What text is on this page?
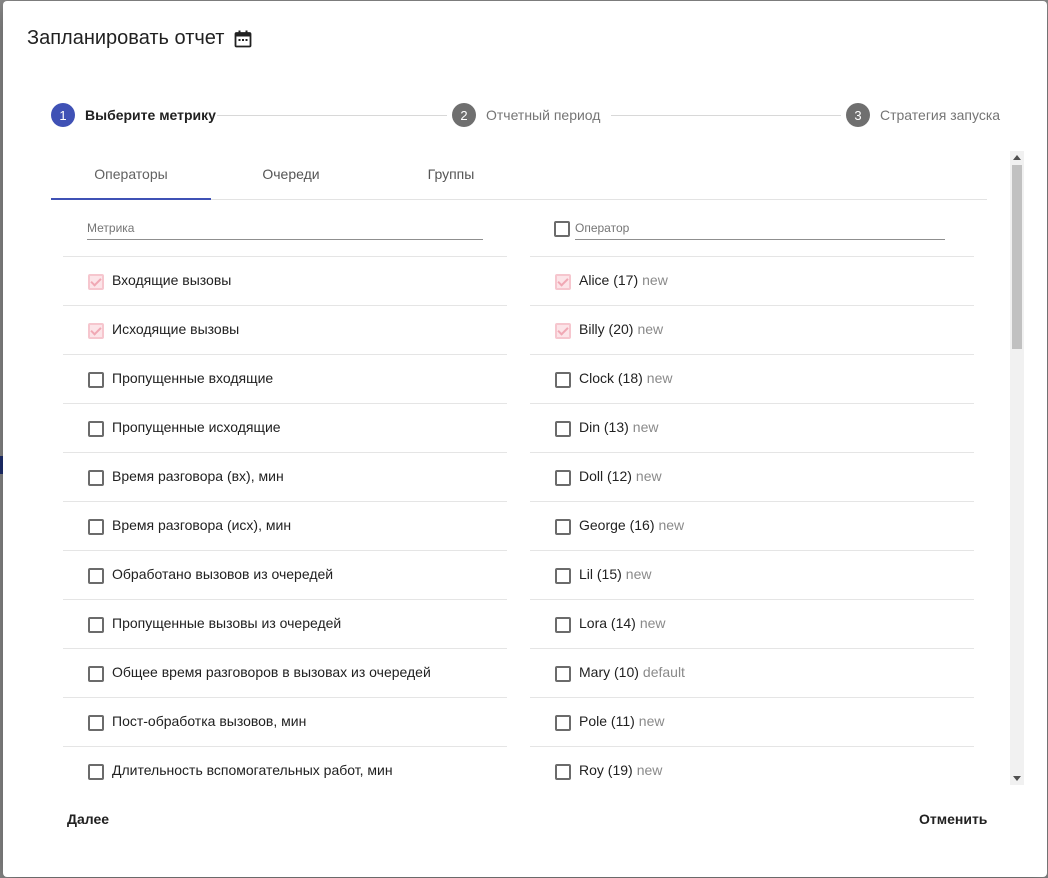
Запланировать отчет
1	Выберите метрику	2	Отчетный период	3	Стратегия запуска
Операторы	Очереди	Группы
Метрика
Входящие вызовы
Исходящие вызовы
Пропущенные входящие
Пропущенные исходящие
Время разговора (вх), мин
Время разговора (исх), мин
Обработано вызовов из очередей
Пропущенные вызовы из очередей
Общее время разговоров в вызовах из очередей
Пост-обработка вызовов, мин
Длительность вспомогательных работ, мин
Оператор
Alice (17) new
Billy (20) new
Clock (18) new
Din (13) new
Doll (12) new
George (16) new
Lil (15) new
Lora (14) new
Mary (10) default
Pole (11) new
Roy (19) new
Далее	Отменить
